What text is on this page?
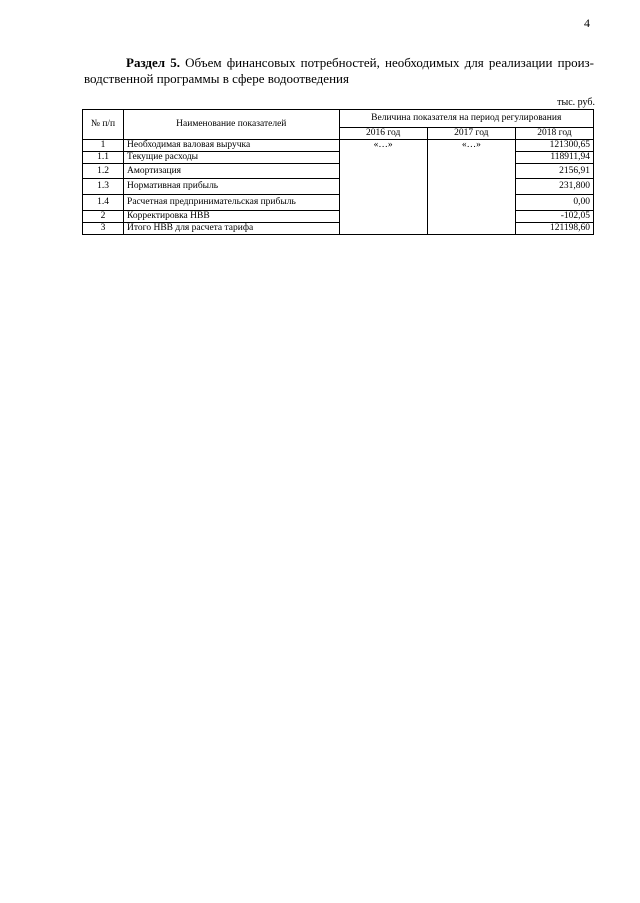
4
Раздел 5. Объем финансовых потребностей, необходимых для реализации произ-
водственной программы в сфере водоотведения
тыс. руб.
№ п/п	Наименование показателей	Величина показателя на период регулирования		
		2016 год	2017 год	2018 год
1	Необходимая валовая выручка	«…»	«…»	121300,65
1.1	Текущие расходы			118911,94
1.2	Амортизация			2156,91
1.3	Нормативная прибыль			231,800
1.4	Расчетная предпринимательская прибыль			0,00
2	Корректировка НВВ			-102,05
3	Итого НВВ для расчета тарифа			121198,60
